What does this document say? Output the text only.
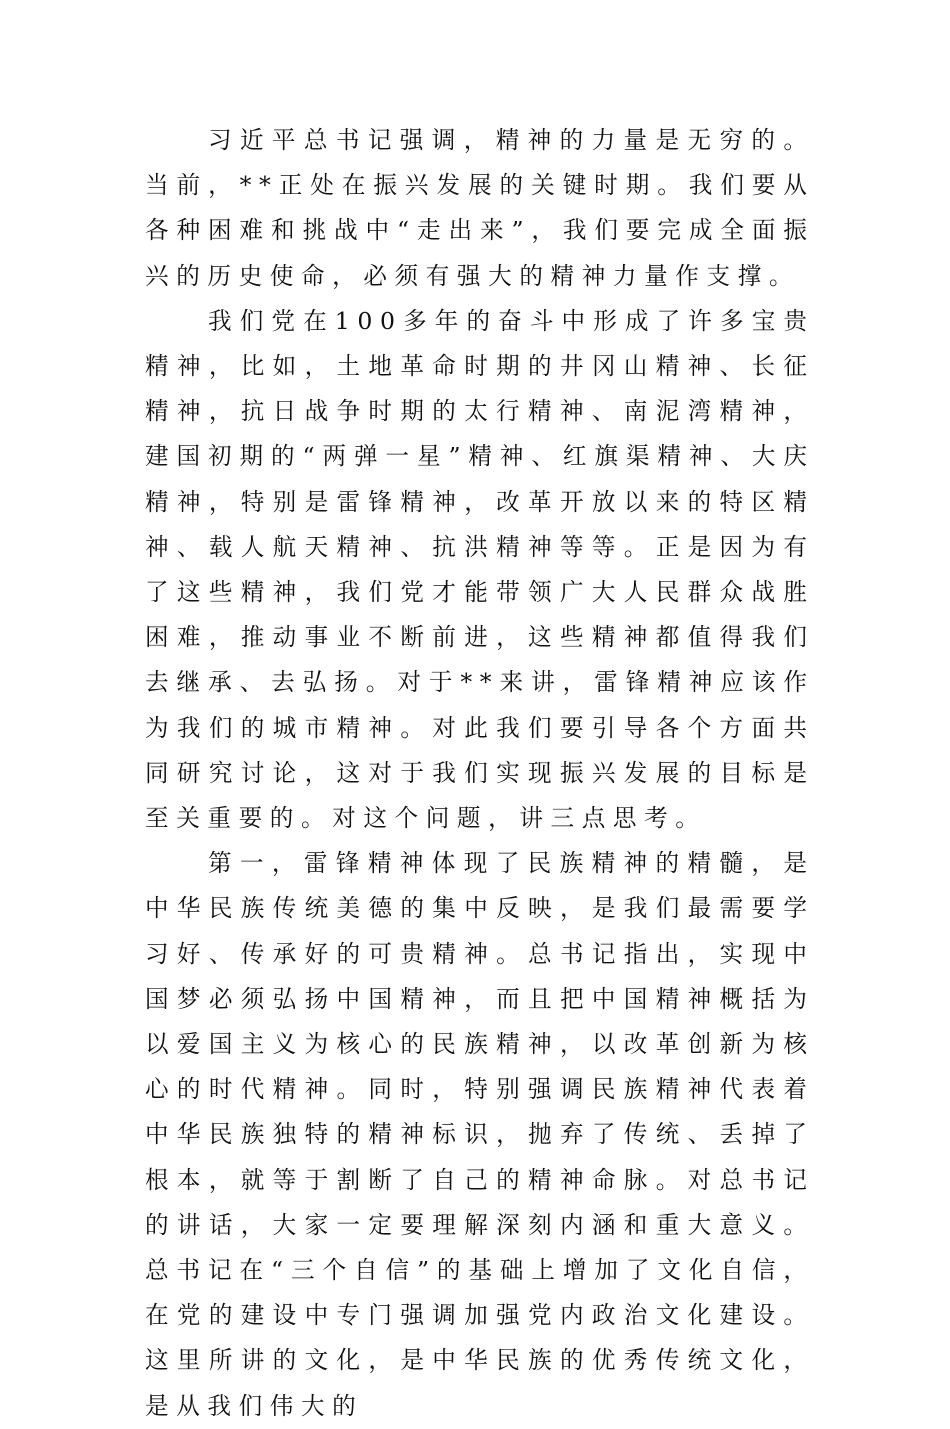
习近平总书记强调，精神的力量是无穷的。当前，**正处在振兴发展的关键时期。我们要从各种困难和挑战中“走出来”，我们要完成全面振兴的历史使命，必须有强大的精神力量作支撑。

我们党在100多年的奋斗中形成了许多宝贵精神，比如，土地革命时期的井冈山精神、长征精神，抗日战争时期的太行精神、南泥湾精神，建国初期的“两弹一星”精神、红旗渠精神、大庆精神，特别是雷锋精神，改革开放以来的特区精神、载人航天精神、抗洪精神等等。正是因为有了这些精神，我们党才能带领广大人民群众战胜困难，推动事业不断前进，这些精神都值得我们去继承、去弘扬。对于**来讲，雷锋精神应该作为我们的城市精神。对此我们要引导各个方面共同研究讨论，这对于我们实现振兴发展的目标是至关重要的。对这个问题，讲三点思考。

第一，雷锋精神体现了民族精神的精髓，是中华民族传统美德的集中反映，是我们最需要学习好、传承好的可贵精神。总书记指出，实现中国梦必须弘扬中国精神，而且把中国精神概括为以爱国主义为核心的民族精神，以改革创新为核心的时代精神。同时，特别强调民族精神代表着中华民族独特的精神标识，抛弃了传统、丢掉了根本，就等于割断了自己的精神命脉。对总书记的讲话，大家一定要理解深刻内涵和重大意义。总书记在“三个自信”的基础上增加了文化自信，在党的建设中专门强调加强党内政治文化建设。这里所讲的文化，是中华民族的优秀传统文化，是从我们伟大的
